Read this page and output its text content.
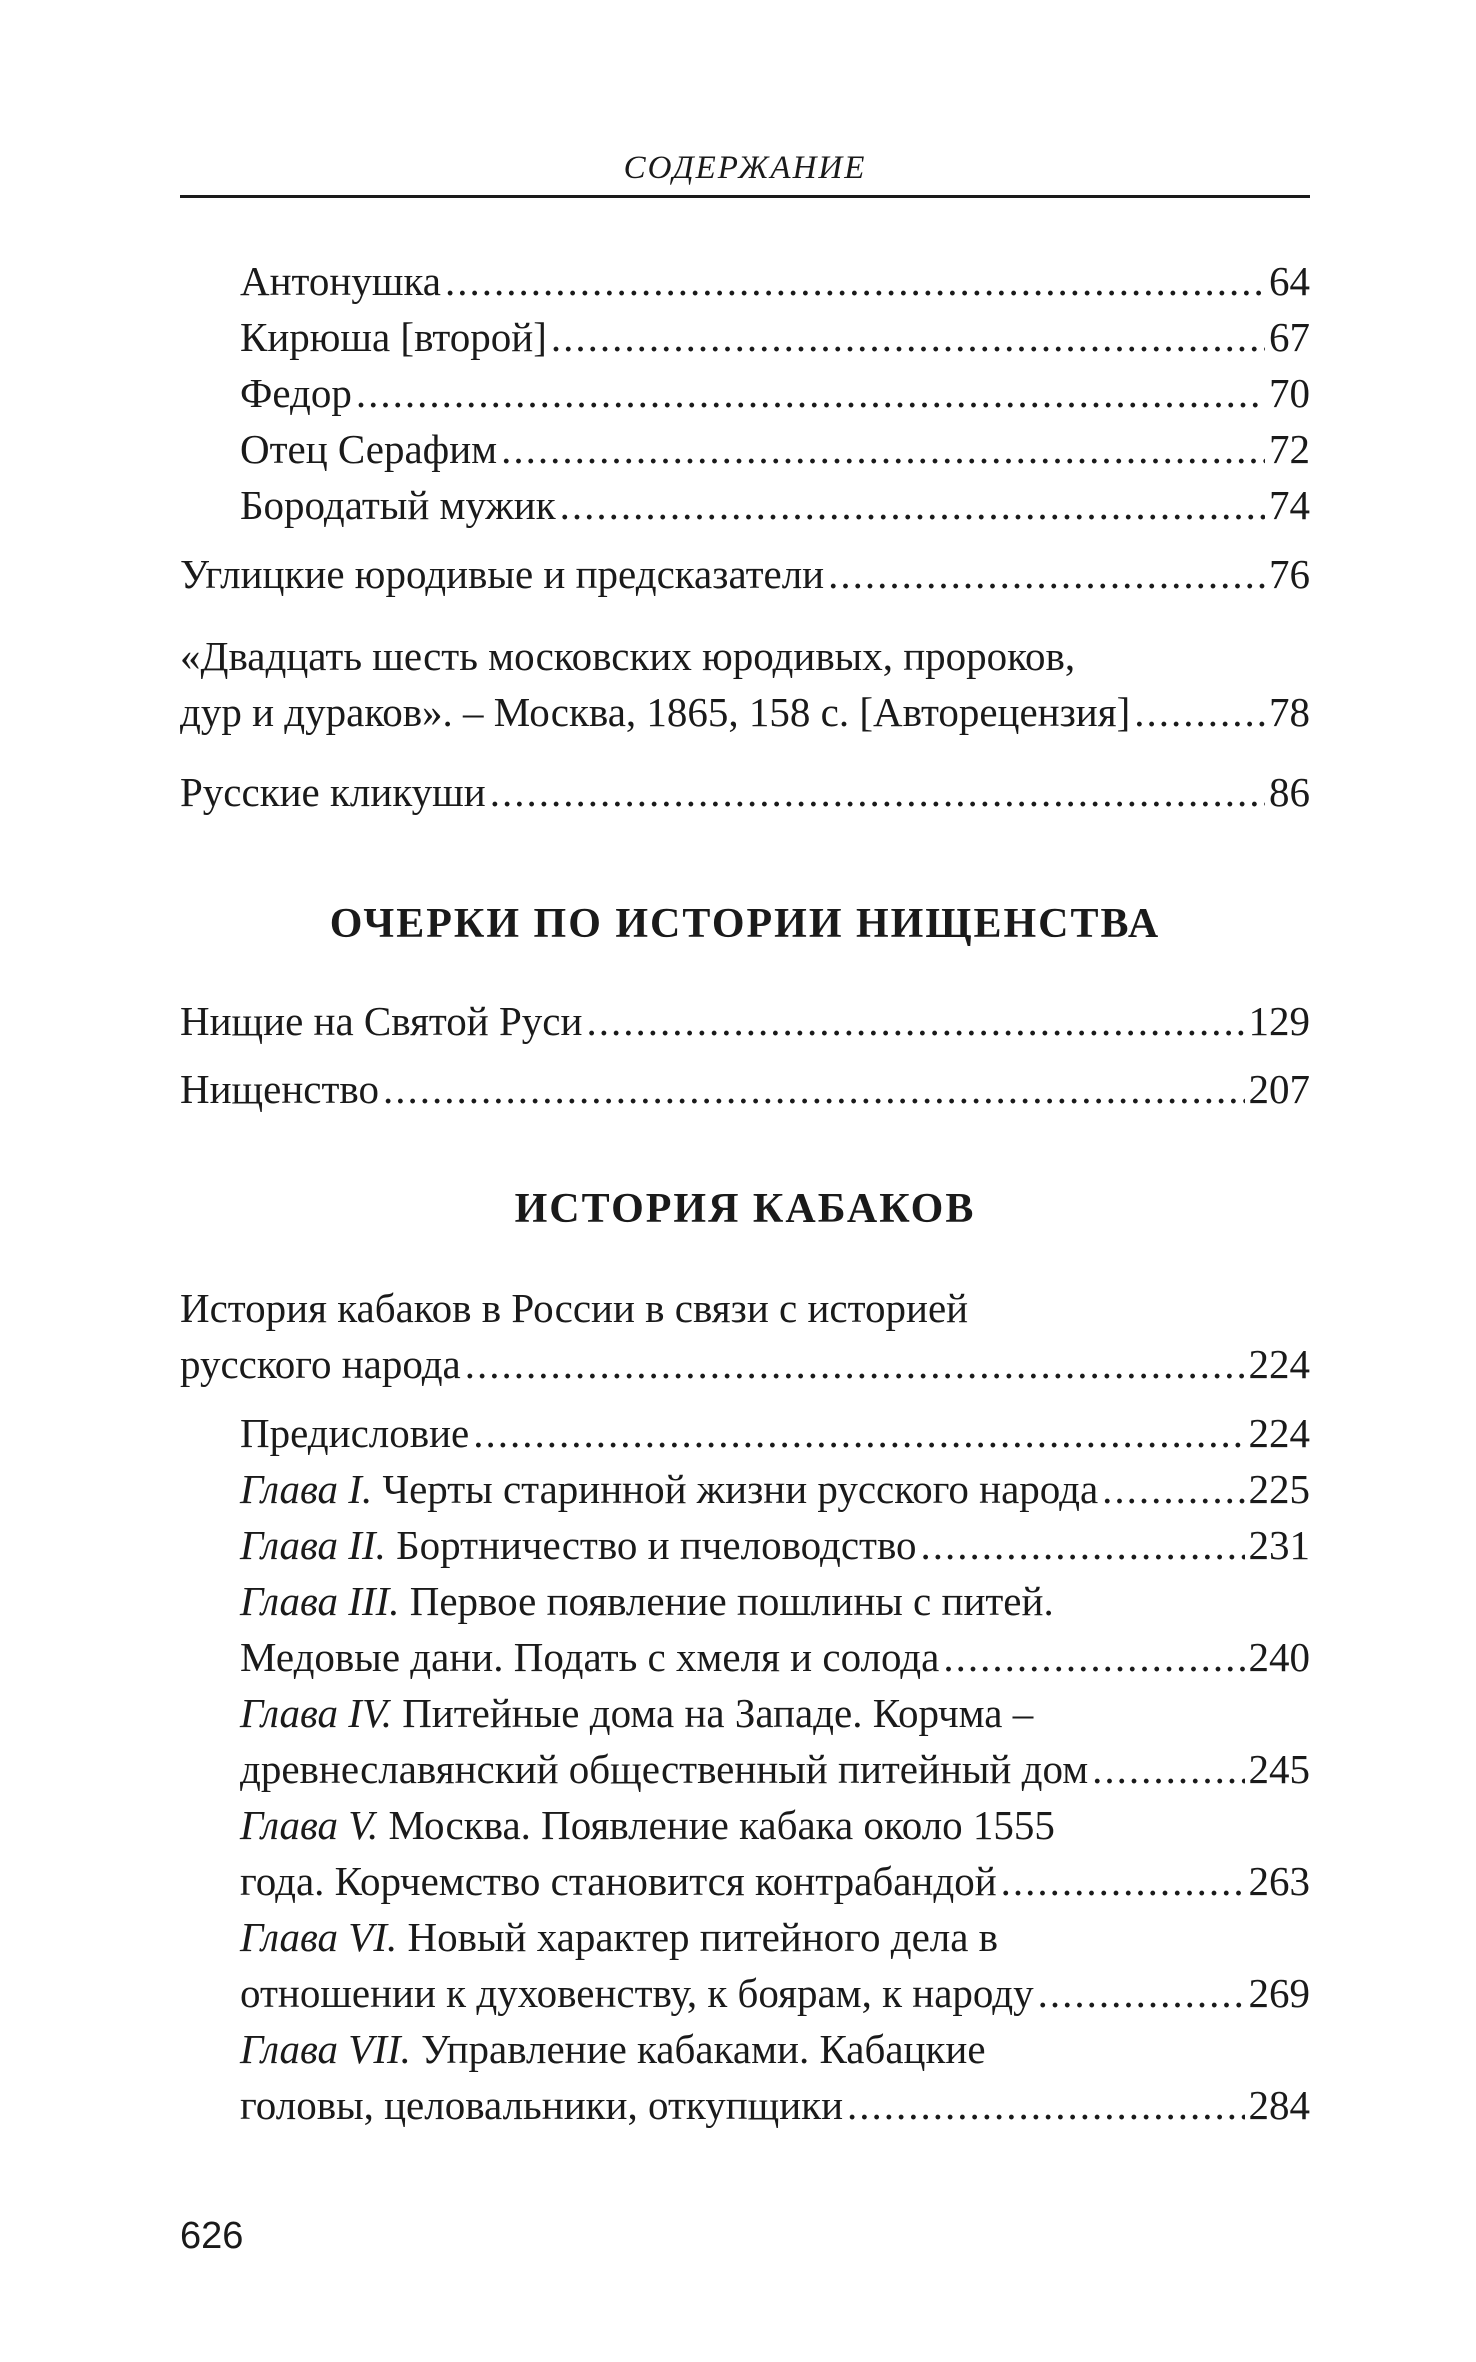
СОДЕРЖАНИЕ
Антонушка .....	64
Кирюша [второй] .....	67
Федор .....	70
Отец Серафим .....	72
Бородатый мужик .....	74
Углицкие юродивые и предсказатели .....	76
«Двадцать шесть московских юродивых, пророков,
дур и дураков». – Москва, 1865, 158 с. [Авторецензия] .....	78
Русские кликуши .....	86
ОЧЕРКИ ПО ИСТОРИИ НИЩЕНСТВА
Нищие на Святой Руси .....	129
Нищенство .....	207
ИСТОРИЯ КАБАКОВ
История кабаков в России в связи с историей
русского народа .....	224
Предисловие .....	224
Глава I. Черты старинной жизни русского народа .....	225
Глава II. Бортничество и пчеловодство .....	231
Глава III. Первое появление пошлины с питей.
Медовые дани. Подать с хмеля и солода .....	240
Глава IV. Питейные дома на Западе. Корчма –
древнеславянский общественный питейный дом .....	245
Глава V. Москва. Появление кабака около 1555
года. Корчемство становится контрабандой .....	263
Глава VI. Новый характер питейного дела в
отношении к духовенству, к боярам, к народу .....	269
Глава VII. Управление кабаками. Кабацкие
головы, целовальники, откупщики .....	284
626
